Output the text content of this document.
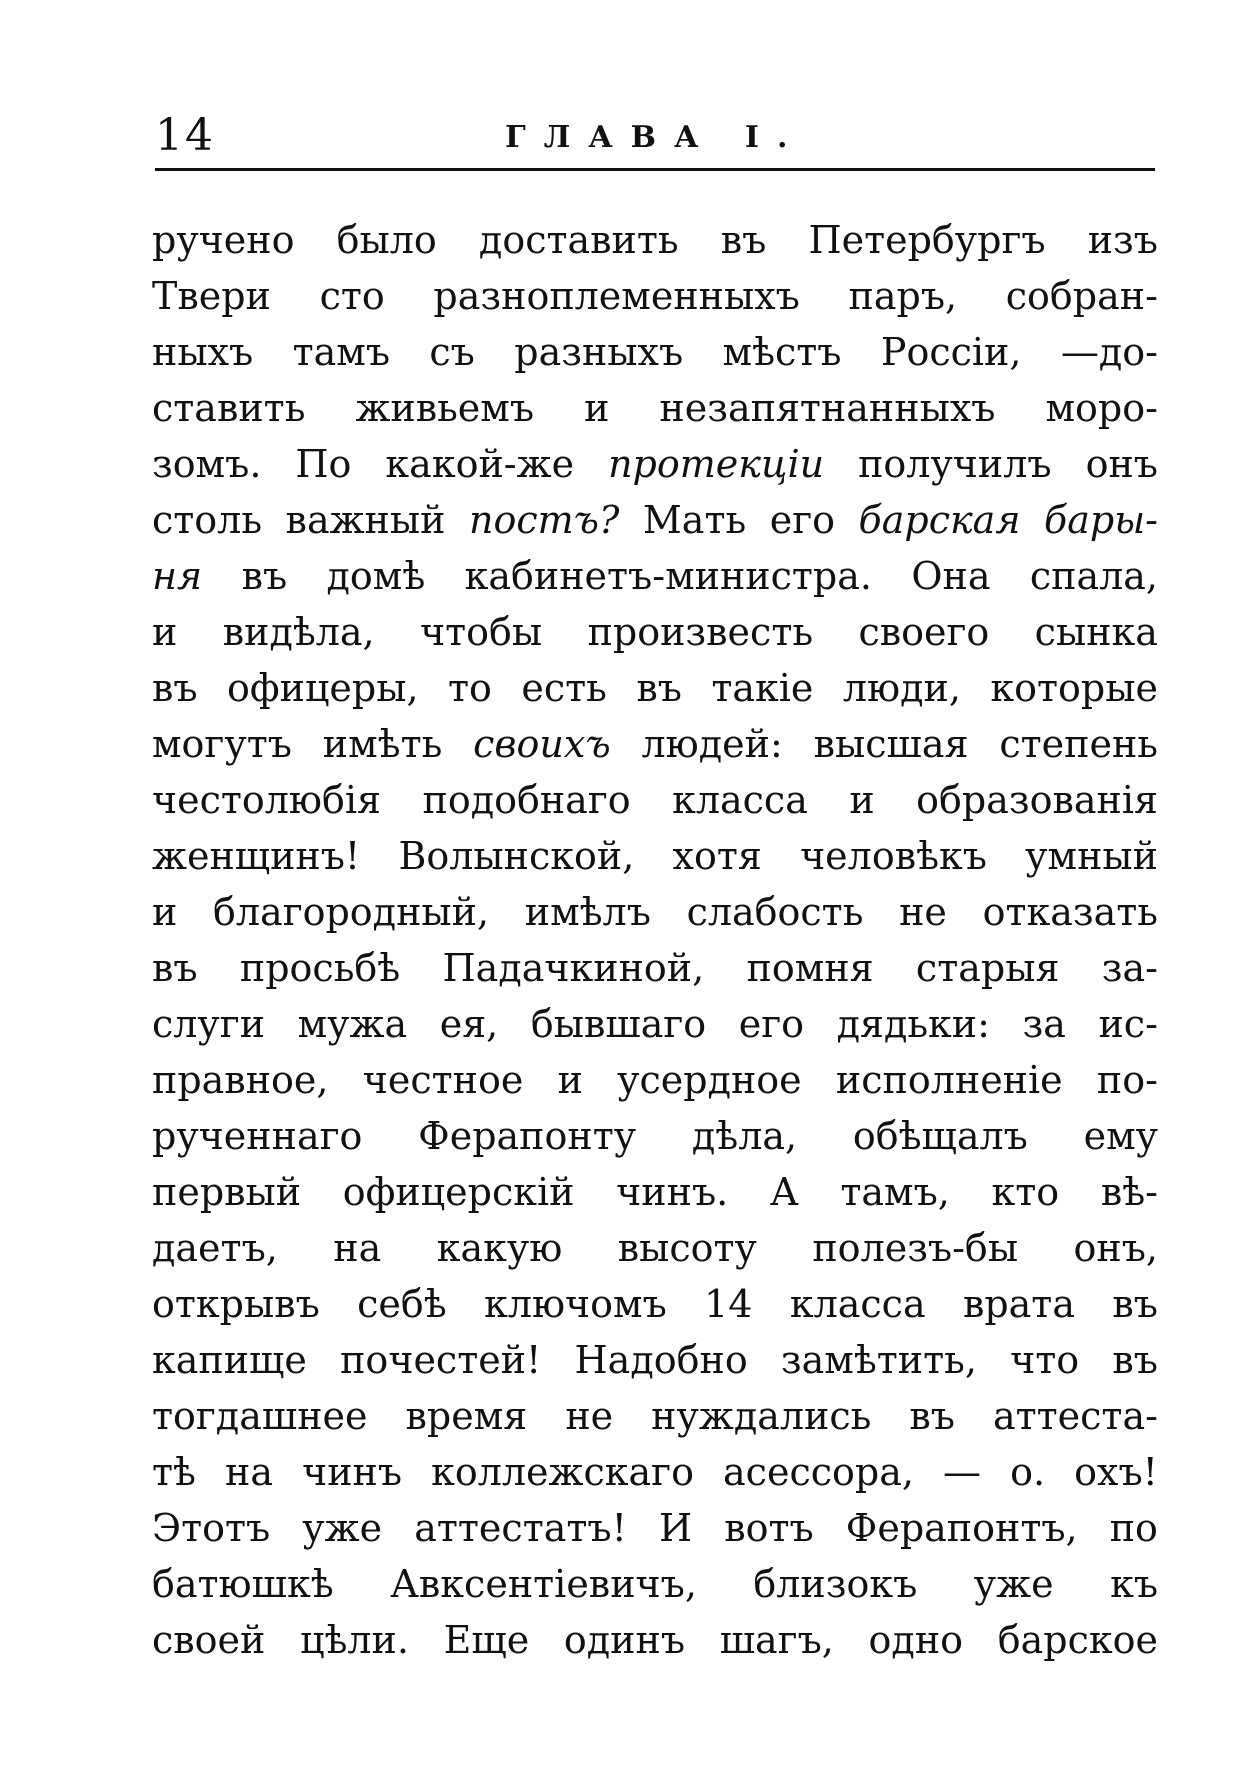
14	ГЛАВА I.
ручено было доставить въ Петербургъ изъ
Твери сто разноплеменныхъ паръ, собран-
ныхъ тамъ съ разныхъ мѣстъ Россіи, —до-
ставить живьемъ и незапятнанныхъ моро-
зомъ. По какой-же протекціи получилъ онъ
столь важный постъ? Мать его барская бары-
ня въ домѣ кабинетъ-министра. Она спала,
и видѣла, чтобы произвесть своего сынка
въ офицеры, то есть въ такіе люди, которые
могутъ имѣть своихъ людей: высшая степень
честолюбія подобнаго класса и образованія
женщинъ! Волынской, хотя человѣкъ умный
и благородный, имѣлъ слабость не отказать
въ просьбѣ Падачкиной, помня старыя за-
слуги мужа ея, бывшаго его дядьки: за ис-
правное, честное и усердное исполненіе по-
рученнаго Ферапонту дѣла, обѣщалъ ему
первый офицерскій чинъ. А тамъ, кто вѣ-
даетъ, на какую высоту полезъ-бы онъ,
открывъ себѣ ключомъ 14 класса врата въ
капище почестей! Надобно замѣтить, что въ
тогдашнее время не нуждались въ аттеста-
тѣ на чинъ коллежскаго асессора, — о. охъ!
Этотъ уже аттестатъ! И вотъ Ферапонтъ, по
батюшкѣ Авксентіевичъ, близокъ уже къ
своей цѣли. Еще одинъ шагъ, одно барское
